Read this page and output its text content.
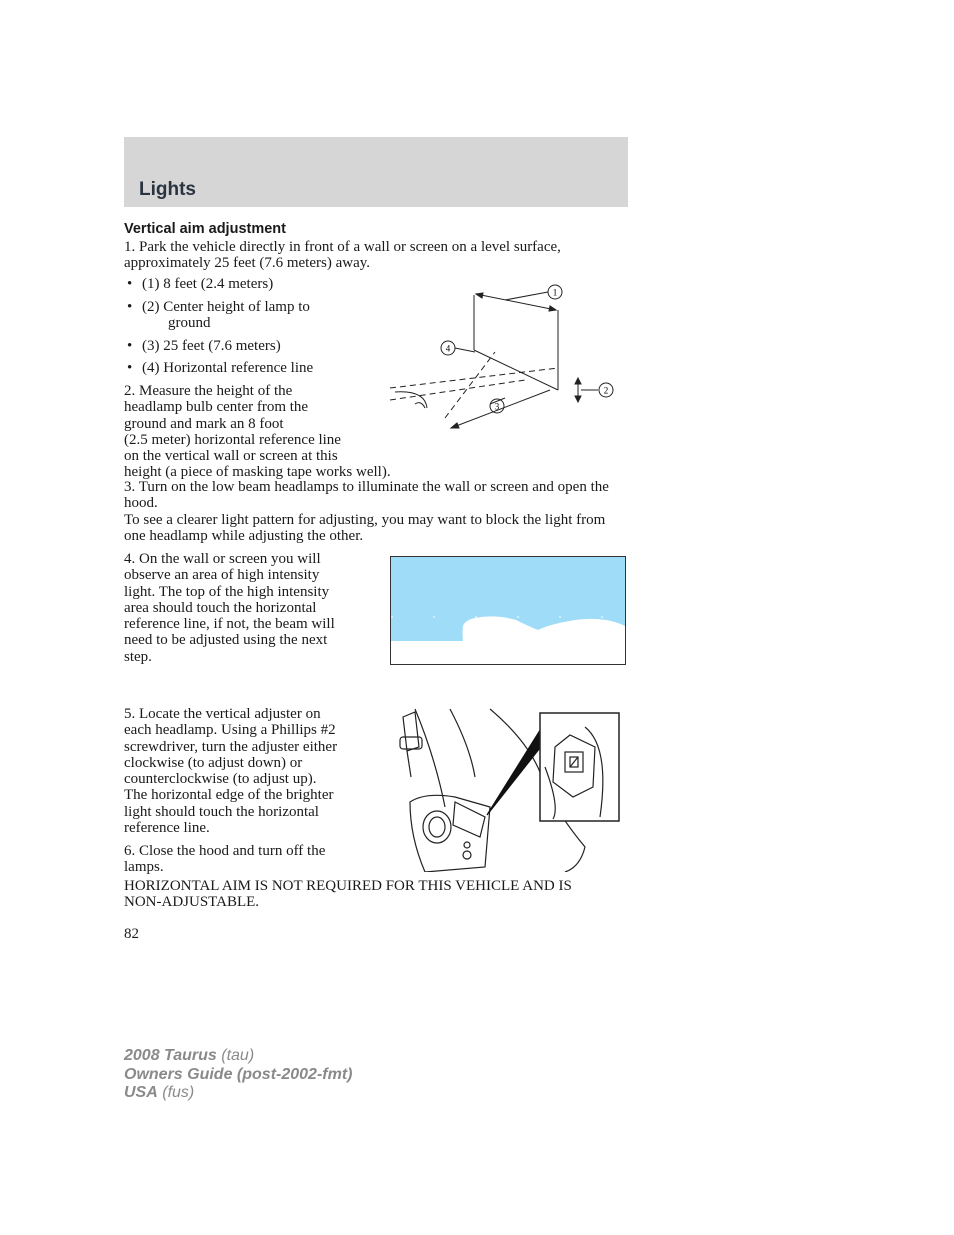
Lights
Vertical aim adjustment
1. Park the vehicle directly in front of a wall or screen on a level surface, approximately 25 feet (7.6 meters) away.
• (1) 8 feet (2.4 meters)
• (2) Center height of lamp to
ground
• (3) 25 feet (7.6 meters)
• (4) Horizontal reference line
2. Measure the height of the
headlamp bulb center from the
ground and mark an 8 foot
(2.5 meter) horizontal reference line
on the vertical wall or screen at this
height (a piece of masking tape works well).
3. Turn on the low beam headlamps to illuminate the wall or screen and open the hood.
To see a clearer light pattern for adjusting, you may want to block the light from one headlamp while adjusting the other.
4. On the wall or screen you will
observe an area of high intensity
light. The top of the high intensity
area should touch the horizontal
reference line, if not, the beam will
need to be adjusted using the next
step.
5. Locate the vertical adjuster on
each headlamp. Using a Phillips #2
screwdriver, turn the adjuster either
clockwise (to adjust down) or
counterclockwise (to adjust up).
The horizontal edge of the brighter
light should touch the horizontal
reference line.
6. Close the hood and turn off the
lamps.
HORIZONTAL AIM IS NOT REQUIRED FOR THIS VEHICLE AND IS
NON-ADJUSTABLE.
1
2
3
4
82
2008 Taurus (tau)
Owners Guide (post-2002-fmt)
USA (fus)
